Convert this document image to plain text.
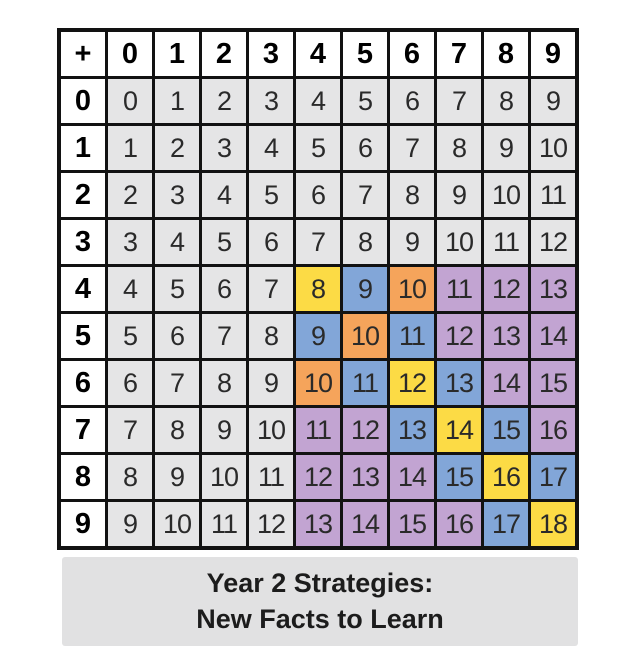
+	0	1	2	3	4	5	6	7	8	9
0	0	1	2	3	4	5	6	7	8	9
1	1	2	3	4	5	6	7	8	9	10
2	2	3	4	5	6	7	8	9	10	11
3	3	4	5	6	7	8	9	10	11	12
4	4	5	6	7	8	9	10	11	12	13
5	5	6	7	8	9	10	11	12	13	14
6	6	7	8	9	10	11	12	13	14	15
7	7	8	9	10	11	12	13	14	15	16
8	8	9	10	11	12	13	14	15	16	17
9	9	10	11	12	13	14	15	16	17	18
Year 2 Strategies:
New Facts to Learn
